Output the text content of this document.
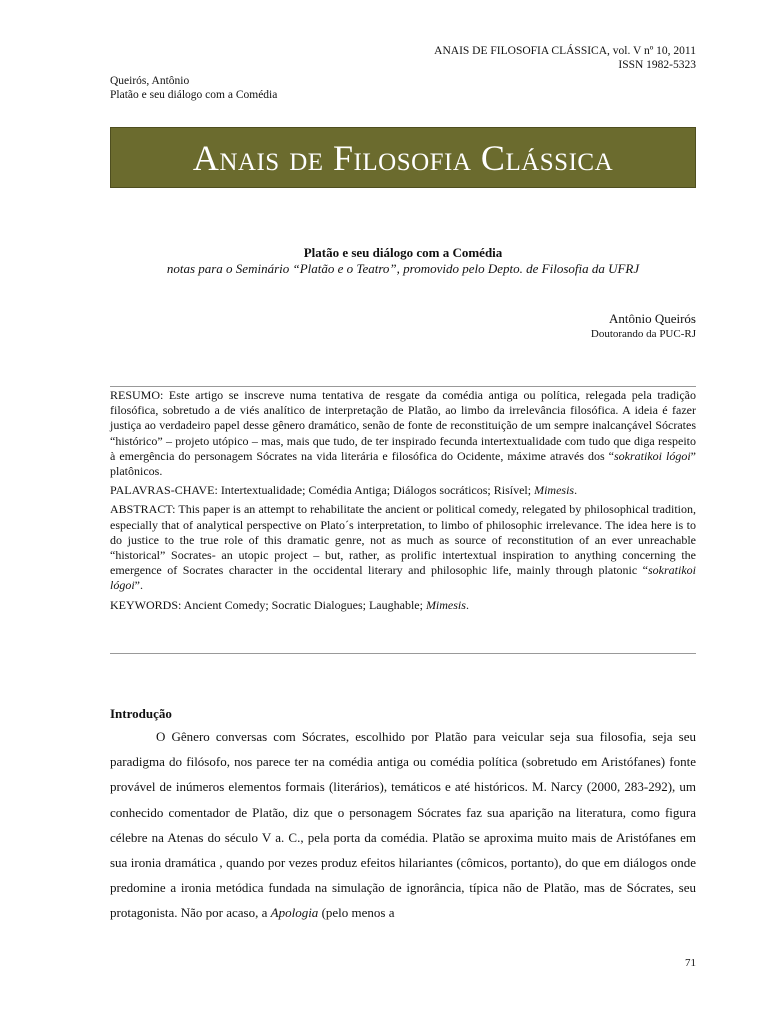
ANAIS DE FILOSOFIA CLÁSSICA, vol. V nº 10, 2011
ISSN 1982-5323
Queirós, Antônio
Platão e seu diálogo com a Comédia
Anais de Filosofia Clássica
Platão e seu diálogo com a Comédia
notas para o Seminário “Platão e o Teatro”, promovido pelo Depto. de Filosofia da UFRJ
Antônio Queirós
Doutorando da PUC-RJ

RESUMO: Este artigo se inscreve numa tentativa de resgate da comédia antiga ou política, relegada pela tradição filosófica, sobretudo a de viés analítico de interpretação de Platão, ao limbo da irrelevância filosófica. A ideia é fazer justiça ao verdadeiro papel desse gênero dramático, senão de fonte de reconstituição de um sempre inalcançável Sócrates “histórico” – projeto utópico – mas, mais que tudo, de ter inspirado fecunda intertextualidade com tudo que diga respeito à emergência do personagem Sócrates na vida literária e filosófica do Ocidente, máxime através dos “sokratikoi lógoi” platônicos.

PALAVRAS-CHAVE: Intertextualidade; Comédia Antiga; Diálogos socráticos; Risível; Mimesis.

ABSTRACT: This paper is an attempt to rehabilitate the ancient or political comedy, relegated by philosophical tradition, especially that of analytical perspective on Plato´s interpretation, to limbo of philosophic irrelevance. The idea here is to do justice to the true role of this dramatic genre, not as much as source of reconstitution of an ever unreachable “historical” Socrates- an utopic project – but, rather, as prolific intertextual inspiration to anything concerning the emergence of Socrates character in the occidental literary and philosophic life, mainly through platonic “sokratikoi lógoi”.

KEYWORDS: Ancient Comedy; Socratic Dialogues; Laughable; Mimesis.

Introdução

O Gênero conversas com Sócrates, escolhido por Platão para veicular seja sua filosofia, seja seu paradigma do filósofo, nos parece ter na comédia antiga ou comédia política (sobretudo em Aristófanes) fonte provável de inúmeros elementos formais (literários), temáticos e até históricos. M. Narcy (2000, 283-292), um conhecido comentador de Platão, diz que o personagem Sócrates faz sua aparição na literatura, como figura célebre na Atenas do século V a. C., pela porta da comédia. Platão se aproxima muito mais de Aristófanes em sua ironia dramática , quando por vezes produz efeitos hilariantes (cômicos, portanto), do que em diálogos onde predomine a ironia metódica fundada na simulação de ignorância, típica não de Platão, mas de Sócrates, seu protagonista. Não por acaso, a Apologia (pelo menos a

71
